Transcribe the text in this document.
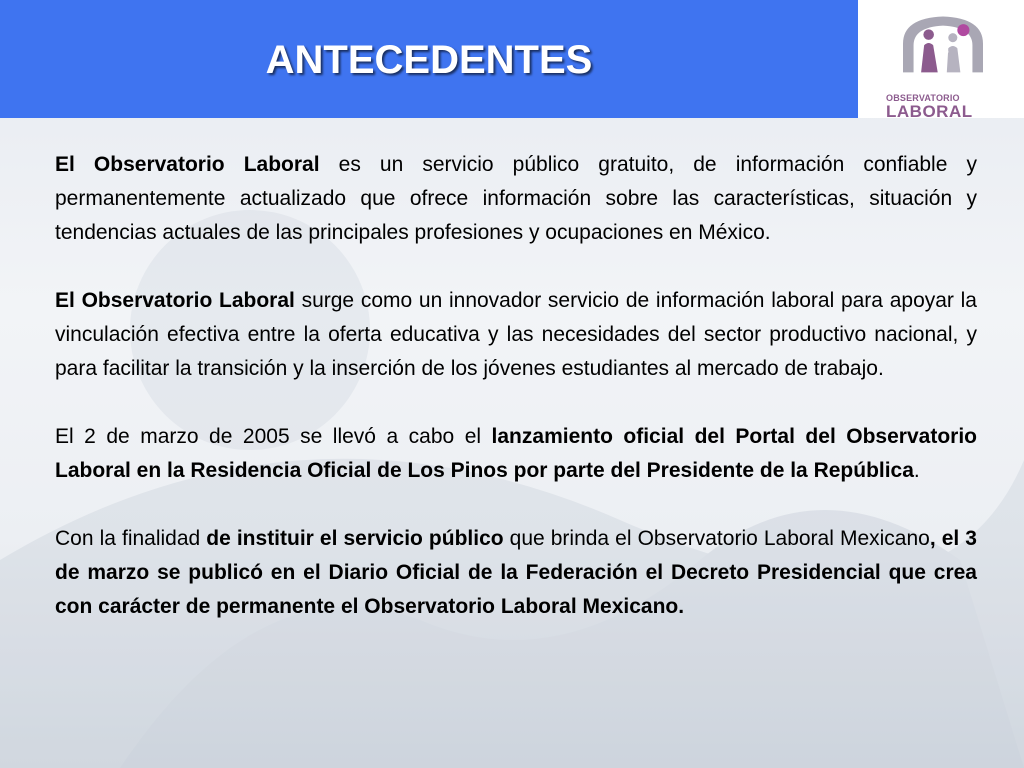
ANTECEDENTES
OBSERVATORIO
LABORAL

El Observatorio Laboral es un servicio público gratuito, de información confiable y permanentemente actualizado que ofrece información sobre las características, situación y tendencias actuales de las principales profesiones y ocupaciones en México.

El Observatorio Laboral surge como un innovador servicio de información laboral para apoyar la vinculación efectiva entre la oferta educativa y las necesidades del sector productivo nacional, y para facilitar la transición y la inserción de los jóvenes estudiantes al mercado de trabajo.

El 2 de marzo de 2005 se llevó a cabo el lanzamiento oficial del Portal del Observatorio Laboral en la Residencia Oficial de Los Pinos por parte del Presidente de la República.

Con la finalidad de instituir el servicio público que brinda el Observatorio Laboral Mexicano, el 3 de marzo se publicó en el Diario Oficial de la Federación el Decreto Presidencial que crea con carácter de permanente el Observatorio Laboral Mexicano.
